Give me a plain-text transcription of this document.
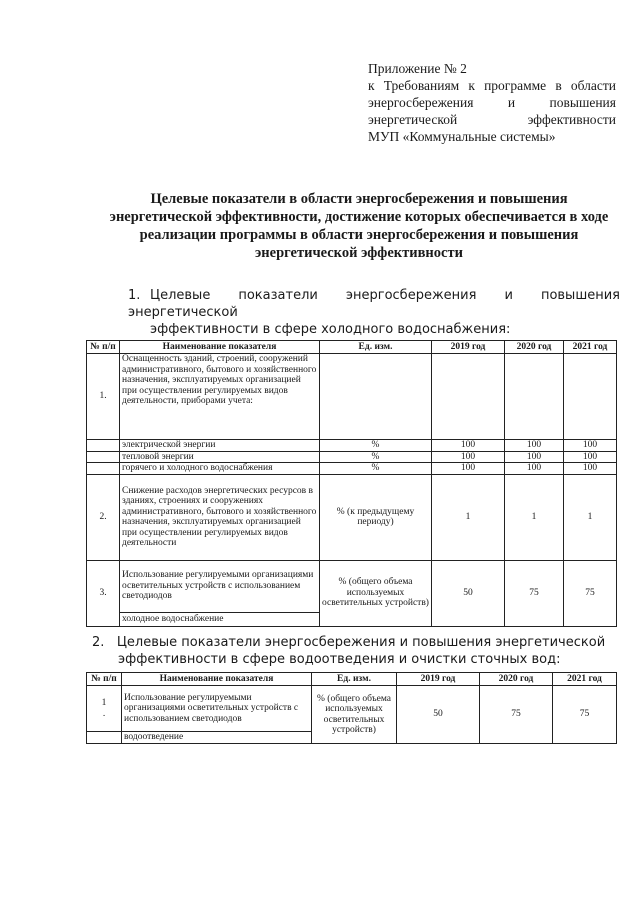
Приложение № 2
к Требованиям к программе в области
энергосбережения и повышения
энергетической эффективности
МУП «Коммунальные системы»
Целевые показатели в области энергосбережения и повышения энергетической эффективности, достижение которых обеспечивается в ходе реализации программы в области энергосбережения и повышения энергетической эффективности
1. Целевые показатели энергосбережения и повышения энергетической
эффективности в сфере холодного водоснабжения:
№ п/п	Наименование показателя	Ед. изм.	2019 год	2020 год	2021 год
1.	Оснащенность зданий, строений, сооружений административного, бытового и хозяйственного назначения, эксплуатируемых организацией при осуществлении регулируемых видов деятельности, приборами учета:				
	электрической энергии	%	100	100	100
	тепловой энергии	%	100	100	100
	горячего и холодного водоснабжения	%	100	100	100
2.	Снижение расходов энергетических ресурсов в зданиях, строениях и сооружениях административного, бытового и хозяйственного назначения, эксплуатируемых организацией при осуществлении регулируемых видов деятельности	% (к предыдущему периоду)	1	1	1
3.	Использование регулируемыми организациями осветительных устройств с использованием светодиодов	% (общего объема используемых осветительных устройств)	50	75	75
	холодное водоснабжение				
2. Целевые показатели энергосбережения и повышения энергетической
эффективности в сфере водоотведения и очистки сточных вод:
№ п/п	Наименование показателя	Ед. изм.	2019 год	2020 год	2021 год

1
.	Использование регулируемыми организациями осветительных устройств с использованием светодиодов	% (общего объема используемых осветительных устройств)	50	75	75
	водоотведение				
